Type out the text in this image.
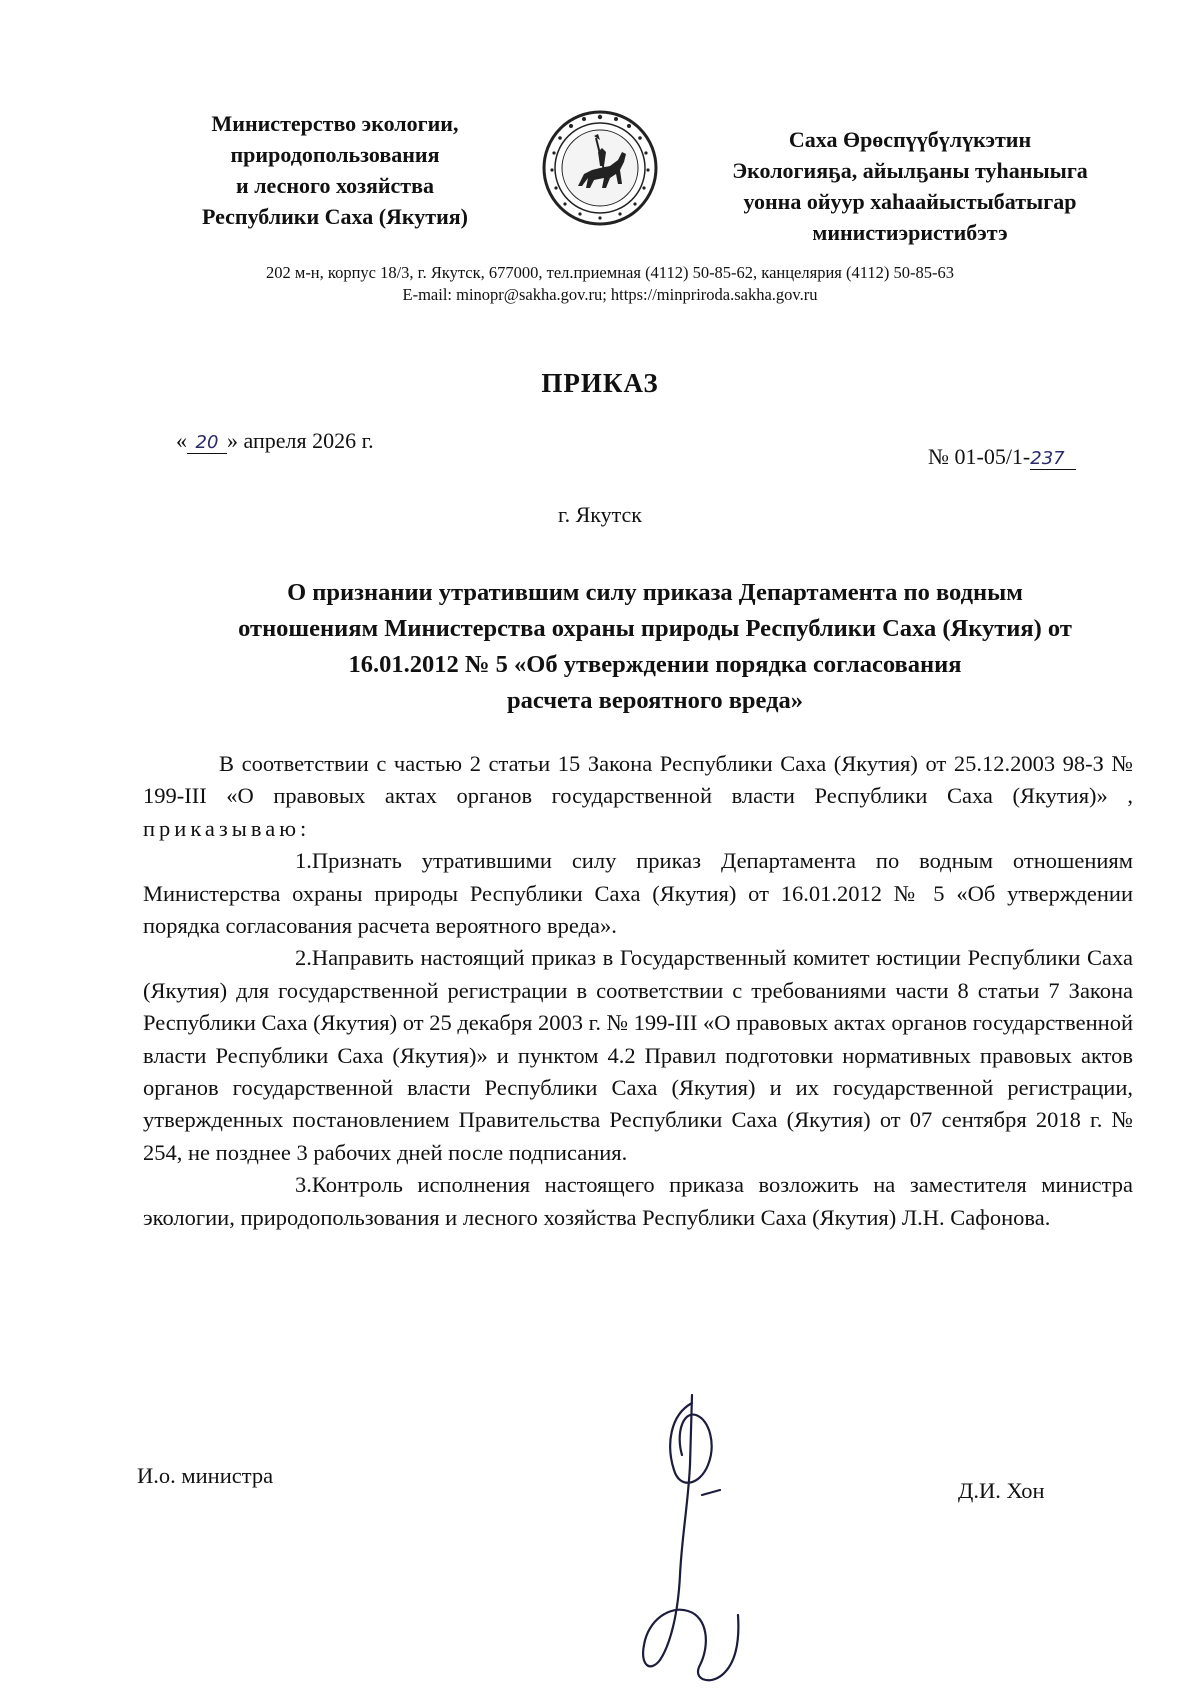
Министерство экологии,
природопользования
и лесного хозяйства
Республики Саха (Якутия)
Саха Өрөспүүбүлүкэтин
Экологияҕа, айылҕаны туһаныыга
уонна ойуур хаһаайыстыбатыгар
министиэристибэтэ
202 м-н, корпус 18/3, г. Якутск, 677000, тел.приемная (4112) 50-85-62, канцелярия (4112) 50-85-63
E-mail: minopr@sakha.gov.ru; https://minpriroda.sakha.gov.ru
ПРИКАЗ
« 20 » апреля 2026 г.
№ 01-05/1-237
г. Якутск
О признании утратившим силу приказа Департамента по водным
отношениям Министерства охраны природы Республики Саха (Якутия) от
16.01.2012 № 5 «Об утверждении порядка согласования
расчета вероятного вреда»

В соответствии с частью 2 статьи 15 Закона Республики Саха (Якутия) от 25.12.2003 98-З № 199-III «О правовых актах органов государственной власти Республики Саха (Якутия)» , приказываю:

1.Признать утратившими силу приказ Департамента по водным отношениям Министерства охраны природы Республики Саха (Якутия) от 16.01.2012 № 5 «Об утверждении порядка согласования расчета вероятного вреда».

2.Направить настоящий приказ в Государственный комитет юстиции Республики Саха (Якутия) для государственной регистрации в соответствии с требованиями части 8 статьи 7 Закона Республики Саха (Якутия) от 25 декабря 2003 г. № 199-III «О правовых актах органов государственной власти Республики Саха (Якутия)» и пунктом 4.2 Правил подготовки нормативных правовых актов органов государственной власти Республики Саха (Якутия) и их государственной регистрации, утвержденных постановлением Правительства Республики Саха (Якутия) от 07 сентября 2018 г. № 254, не позднее 3 рабочих дней после подписания.

3.Контроль исполнения настоящего приказа возложить на заместителя министра экологии, природопользования и лесного хозяйства Республики Саха (Якутия) Л.Н. Сафонова.

И.о. министра
Д.И. Хон
